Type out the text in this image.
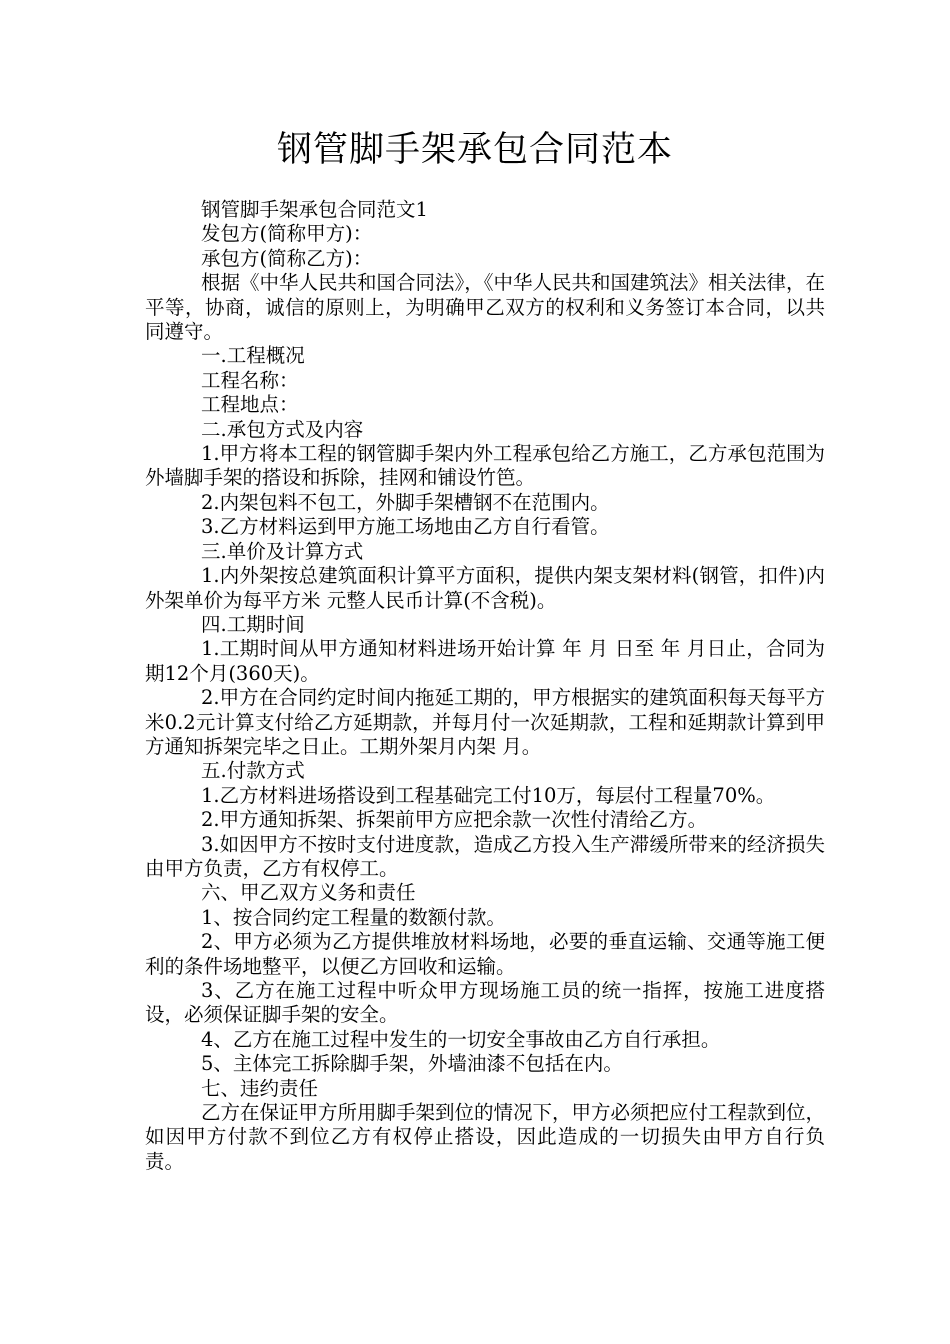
钢管脚手架承包合同范本

钢管脚手架承包合同范文1

发包方(简称甲方)：

承包方(简称乙方)：

根据《中华人民共和国合同法》，《中华人民共和国建筑法》相关法律，在平等，协商，诚信的原则上，为明确甲乙双方的权利和义务签订本合同，以共同遵守。

一.工程概况

工程名称：

工程地点：

二.承包方式及内容

1.甲方将本工程的钢管脚手架内外工程承包给乙方施工，乙方承包范围为外墙脚手架的搭设和拆除，挂网和铺设竹笆。

2.内架包料不包工，外脚手架槽钢不在范围内。

3.乙方材料运到甲方施工场地由乙方自行看管。

三.单价及计算方式

1.内外架按总建筑面积计算平方面积，提供内架支架材料(钢管，扣件)内外架单价为每平方米 元整人民币计算(不含税)。

四.工期时间

1.工期时间从甲方通知材料进场开始计算 年 月 日至 年 月日止，合同为期12个月(360天)。

2.甲方在合同约定时间内拖延工期的，甲方根据实的建筑面积每天每平方米0.2元计算支付给乙方延期款，并每月付一次延期款，工程和延期款计算到甲方通知拆架完毕之日止。工期外架月内架 月。

五.付款方式

1.乙方材料进场搭设到工程基础完工付10万，每层付工程量70%。

2.甲方通知拆架、拆架前甲方应把余款一次性付清给乙方。

3.如因甲方不按时支付进度款，造成乙方投入生产滞缓所带来的经济损失由甲方负责，乙方有权停工。

六、甲乙双方义务和责任

1、按合同约定工程量的数额付款。

2、甲方必须为乙方提供堆放材料场地，必要的垂直运输、交通等施工便利的条件场地整平，以便乙方回收和运输。

3、乙方在施工过程中听众甲方现场施工员的统一指挥，按施工进度搭设，必须保证脚手架的安全。

4、乙方在施工过程中发生的一切安全事故由乙方自行承担。

5、主体完工拆除脚手架，外墙油漆不包括在内。

七、违约责任

乙方在保证甲方所用脚手架到位的情况下，甲方必须把应付工程款到位，如因甲方付款不到位乙方有权停止搭设，因此造成的一切损失由甲方自行负责。
